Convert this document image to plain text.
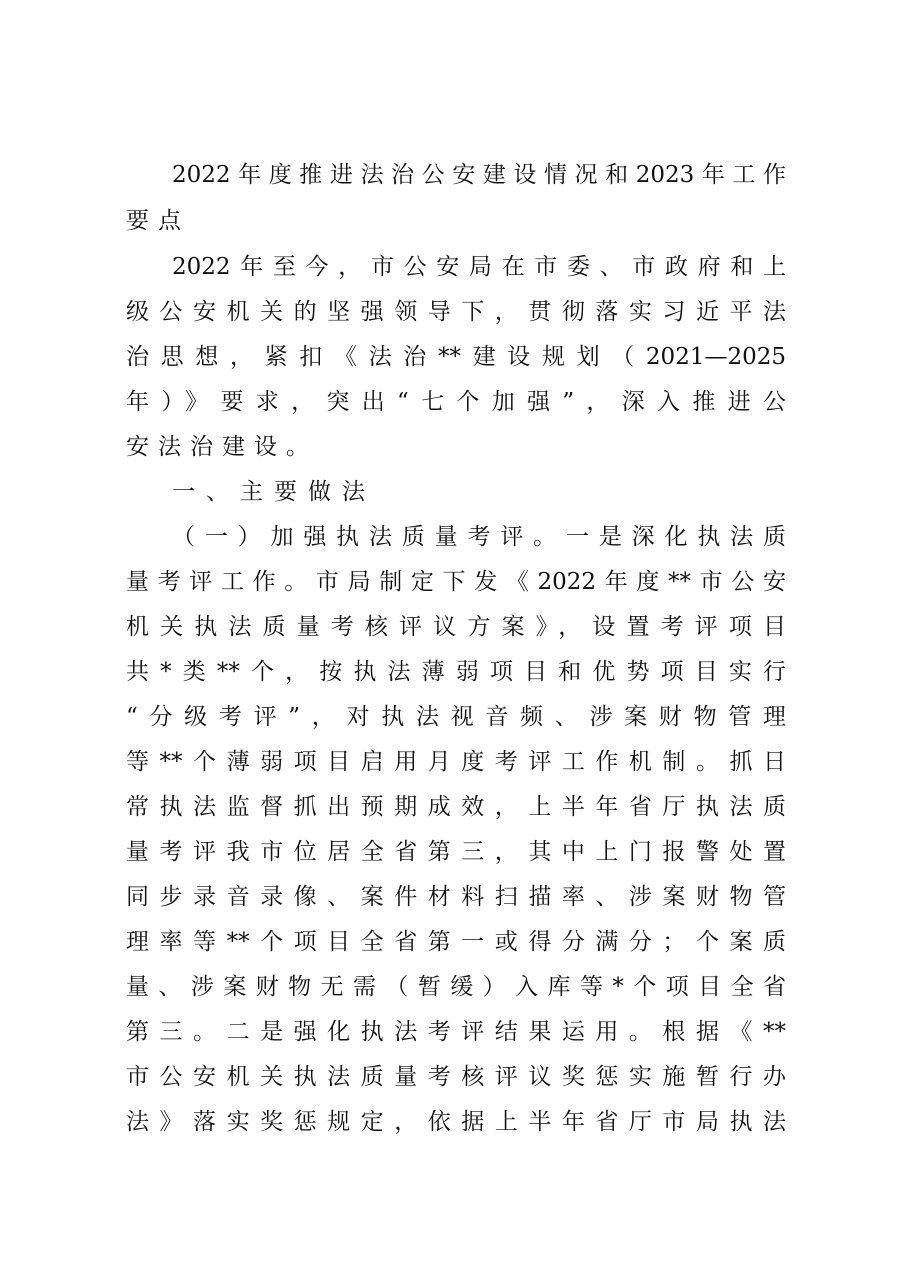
2022年度推进法治公安建设情况和2023年工作
要点
2022年至今，市公安局在市委、市政府和上
级公安机关的坚强领导下，贯彻落实习近平法
治思想，紧扣《法治**建设规划（2021—2025
年）》要求，突出“七个加强”，深入推进公
安法治建设。
一、主要做法
（一）加强执法质量考评。一是深化执法质
量考评工作。市局制定下发《2022年度**市公安
机关执法质量考核评议方案》，设置考评项目
共*类**个，按执法薄弱项目和优势项目实行
“分级考评”，对执法视音频、涉案财物管理
等**个薄弱项目启用月度考评工作机制。抓日
常执法监督抓出预期成效，上半年省厅执法质
量考评我市位居全省第三，其中上门报警处置
同步录音录像、案件材料扫描率、涉案财物管
理率等**个项目全省第一或得分满分；个案质
量、涉案财物无需（暂缓）入库等*个项目全省
第三。二是强化执法考评结果运用。根据《**
市公安机关执法质量考核评议奖惩实施暂行办
法》落实奖惩规定，依据上半年省厅市局执法
